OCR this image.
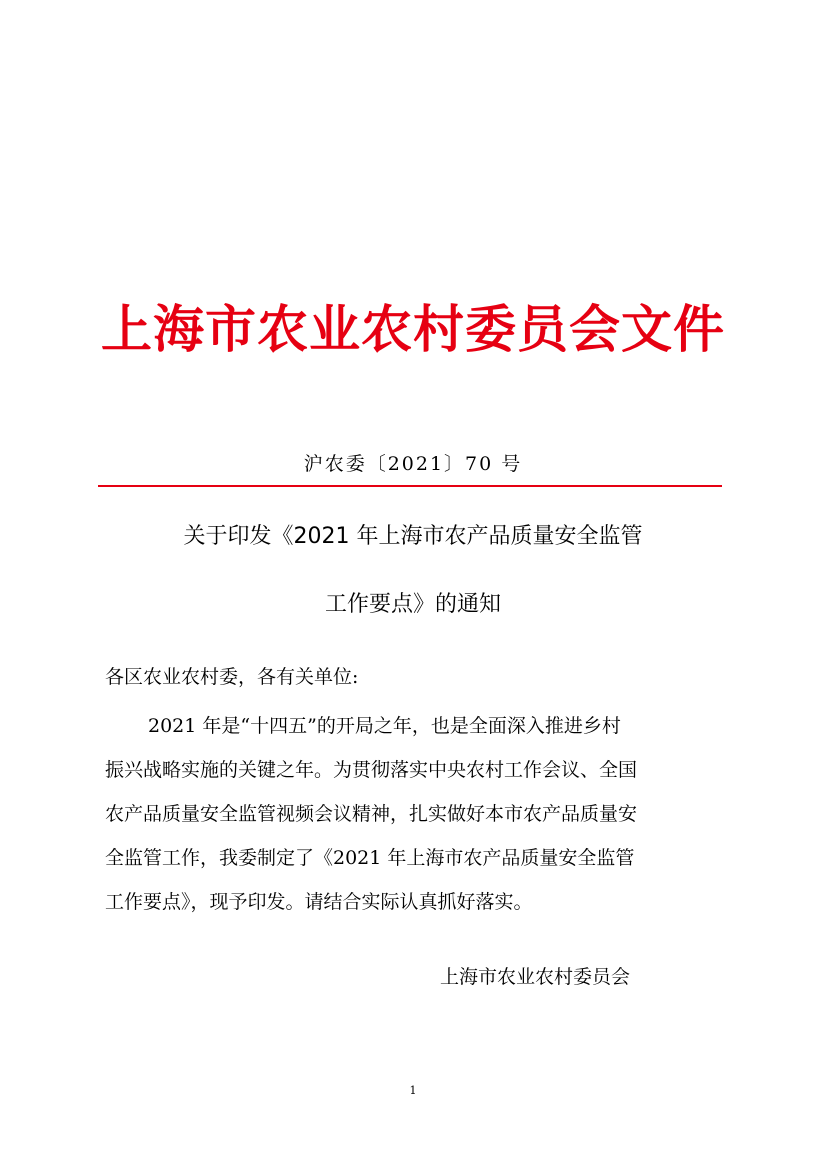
上海市农业农村委员会文件
沪农委〔2021〕70 号
关于印发《2021 年上海市农产品质量安全监管
工作要点》的通知
各区农业农村委，各有关单位:
2021 年是“十四五”的开局之年，也是全面深入推进乡村
振兴战略实施的关键之年。为贯彻落实中央农村工作会议、全国
农产品质量安全监管视频会议精神，扎实做好本市农产品质量安
全监管工作，我委制定了《2021 年上海市农产品质量安全监管
工作要点》，现予印发。请结合实际认真抓好落实。
上海市农业农村委员会
1
